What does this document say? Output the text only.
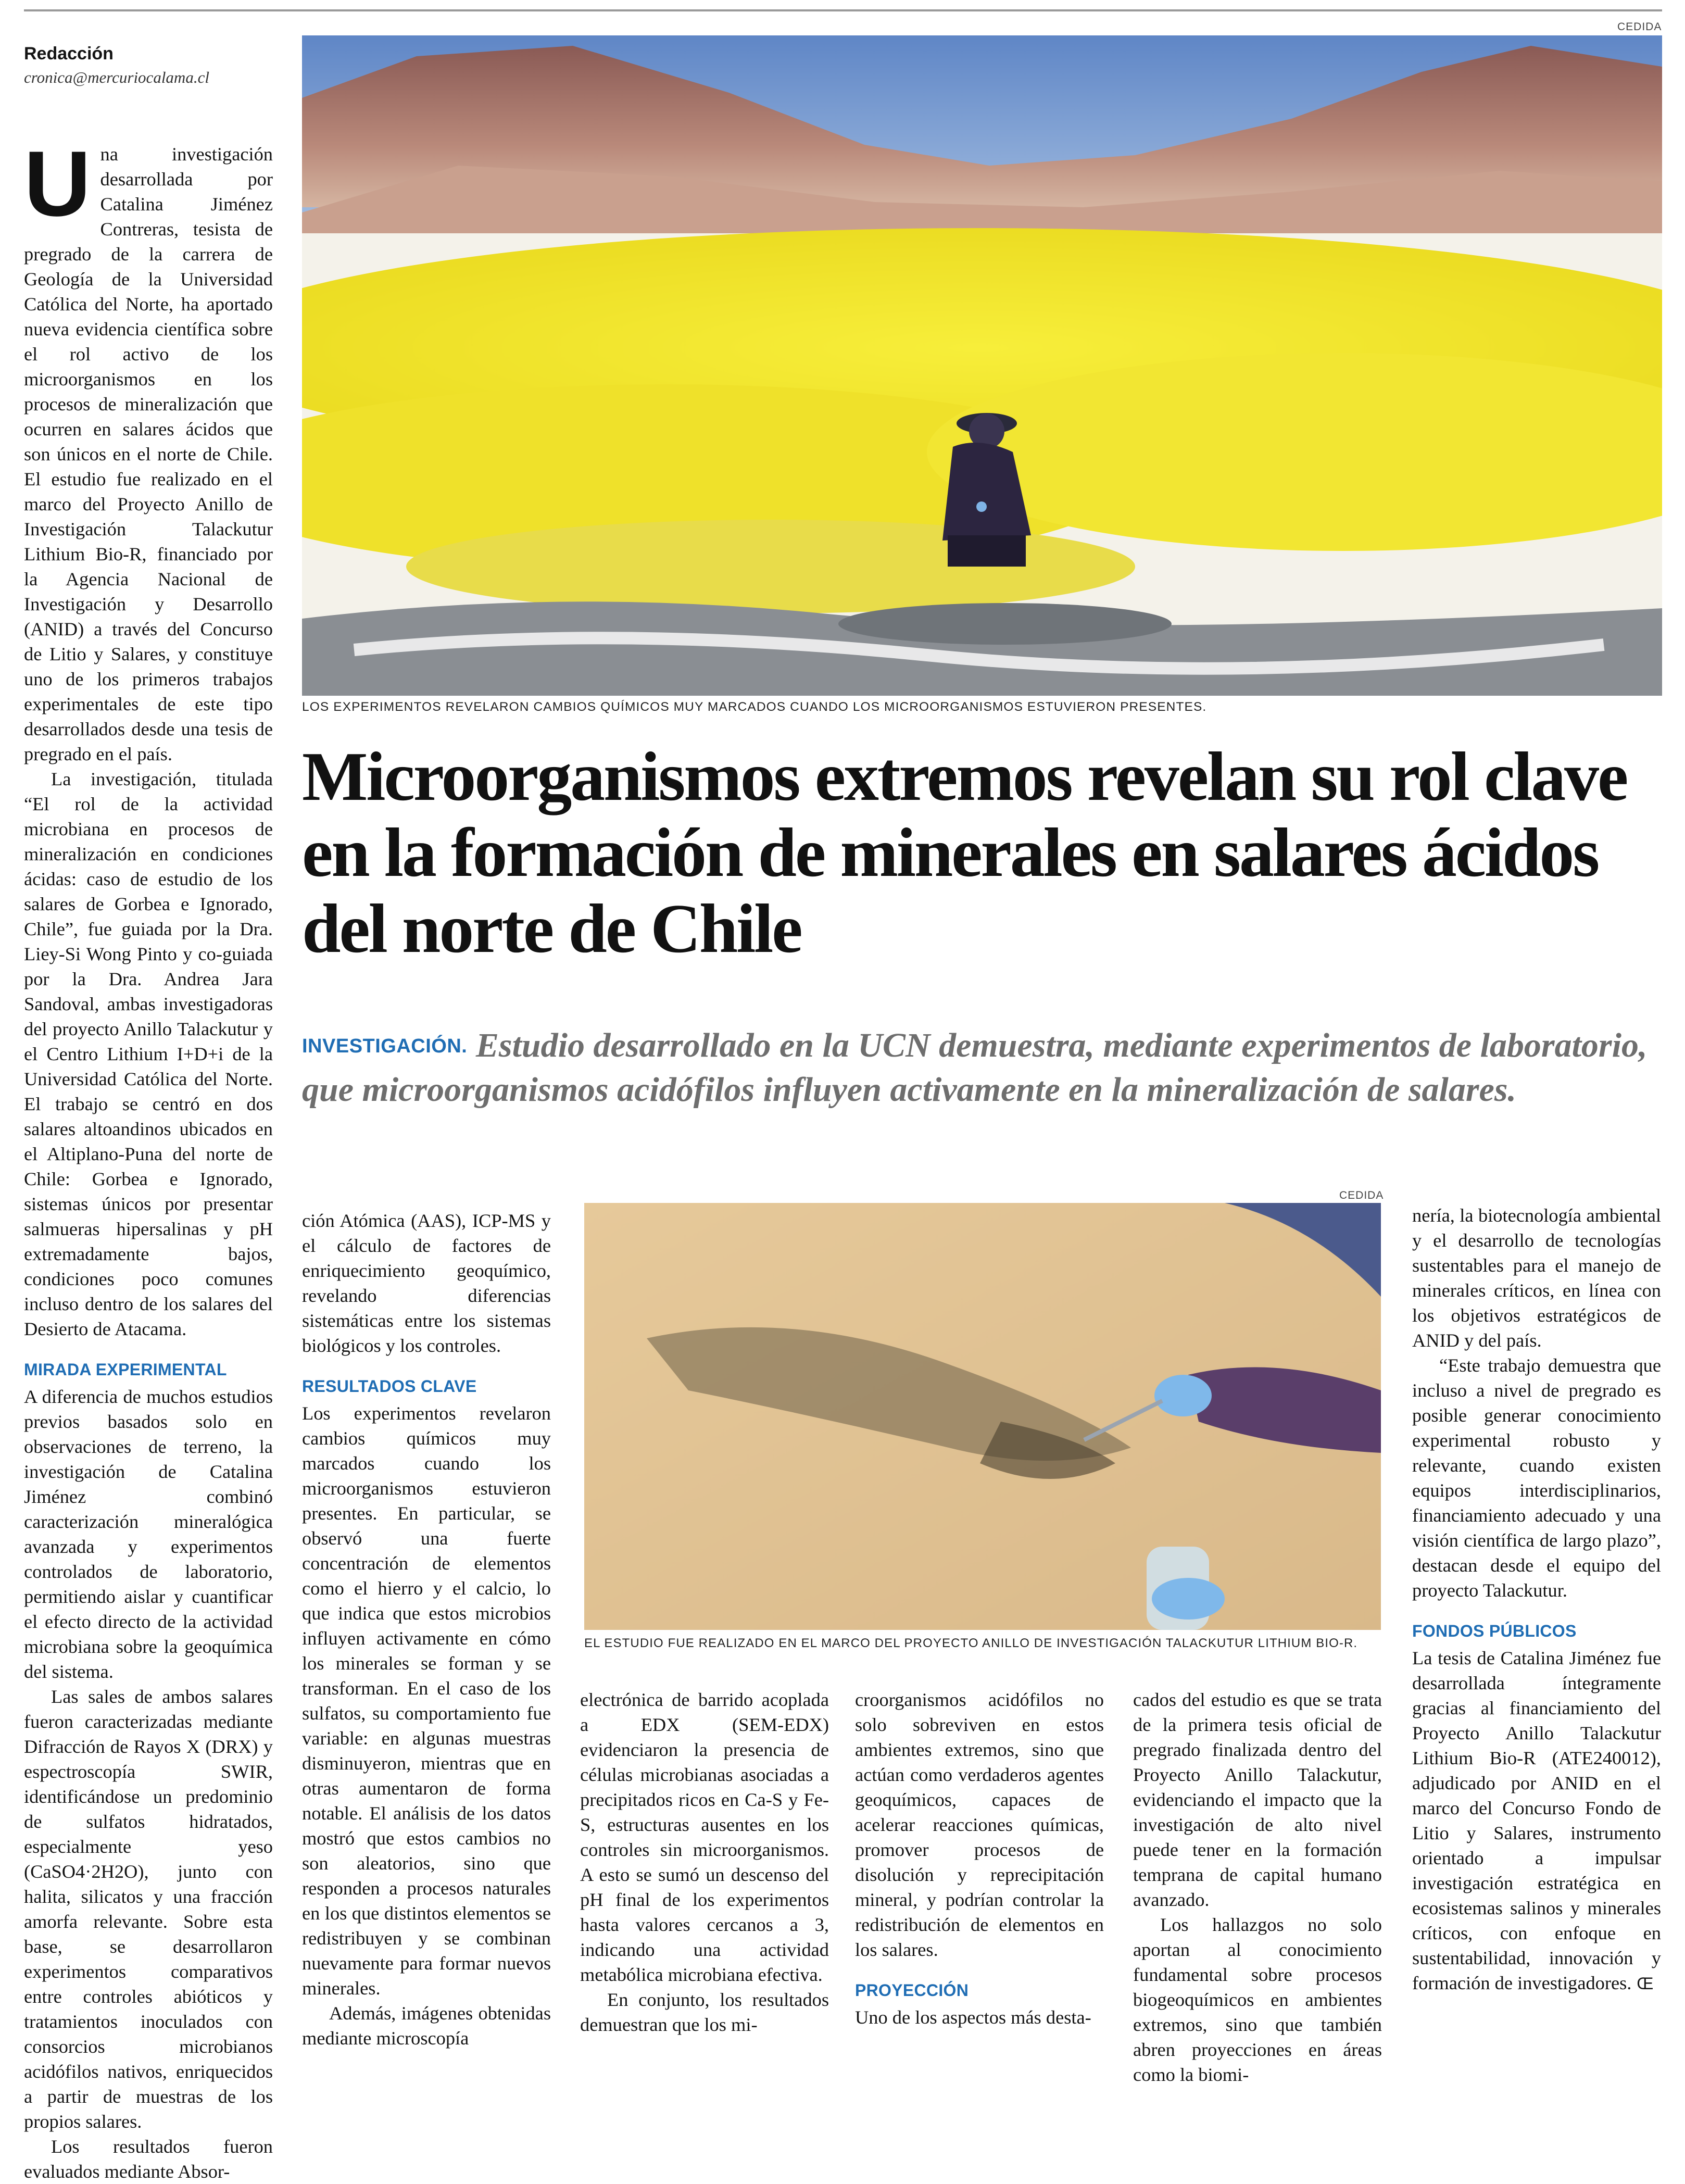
Redacción
cronica@mercuriocalama.cl
CEDIDA
LOS EXPERIMENTOS REVELARON CAMBIOS QUÍMICOS MUY MARCADOS CUANDO LOS MICROORGANISMOS ESTUVIERON PRESENTES.
Microorganismos extremos revelan su rol clave en la formación de minerales en salares ácidos del norte de Chile
INVESTIGACIÓN. Estudio desarrollado en la UCN demuestra, mediante experimentos de laboratorio, que microorganismos acidófilos influyen activamente en la mineralización de salares.
CEDIDA
EL ESTUDIO FUE REALIZADO EN EL MARCO DEL PROYECTO ANILLO DE INVESTIGACIÓN TALACKUTUR LITHIUM BIO-R.

Una investigación desarrollada por Catalina Jiménez Contreras, tesista de pregrado de la carrera de Geología de la Universidad Católica del Norte, ha aportado nueva evidencia científica sobre el rol activo de los microorganismos en los procesos de mineralización que ocurren en salares ácidos que son únicos en el norte de Chile. El estudio fue realizado en el marco del Proyecto Anillo de Investigación Talackutur Lithium Bio-R, financiado por la Agencia Nacional de Investigación y Desarrollo (ANID) a través del Concurso de Litio y Salares, y constituye uno de los primeros trabajos experimentales de este tipo desarrollados desde una tesis de pregrado en el país.

La investigación, titulada “El rol de la actividad microbiana en procesos de mineralización en condiciones ácidas: caso de estudio de los salares de Gorbea e Ignorado, Chile”, fue guiada por la Dra. Liey-Si Wong Pinto y co-guiada por la Dra. Andrea Jara Sandoval, ambas investigadoras del proyecto Anillo Talackutur y el Centro Lithium I+D+i de la Universidad Católica del Norte. El trabajo se centró en dos salares altoandinos ubicados en el Altiplano-Puna del norte de Chile: Gorbea e Ignorado, sistemas únicos por presentar salmueras hipersalinas y pH extremadamente bajos, condiciones poco comunes incluso dentro de los salares del Desierto de Atacama.

MIRADA EXPERIMENTAL

A diferencia de muchos estudios previos basados solo en observaciones de terreno, la investigación de Catalina Jiménez combinó caracterización mineralógica avanzada y experimentos controlados de laboratorio, permitiendo aislar y cuantificar el efecto directo de la actividad microbiana sobre la geoquímica del sistema.

Las sales de ambos salares fueron caracterizadas mediante Difracción de Rayos X (DRX) y espectroscopía SWIR, identificándose un predominio de sulfatos hidratados, especialmente yeso (CaSO4·2H2O), junto con halita, silicatos y una fracción amorfa relevante. Sobre esta base, se desarrollaron experimentos comparativos entre controles abióticos y tratamientos inoculados con consorcios microbianos acidófilos nativos, enriquecidos a partir de muestras de los propios salares.

Los resultados fueron evaluados mediante Absor-

ción Atómica (AAS), ICP-MS y el cálculo de factores de enriquecimiento geoquímico, revelando diferencias sistemáticas entre los sistemas biológicos y los controles.

RESULTADOS CLAVE

Los experimentos revelaron cambios químicos muy marcados cuando los microorganismos estuvieron presentes. En particular, se observó una fuerte concentración de elementos como el hierro y el calcio, lo que indica que estos microbios influyen activamente en cómo los minerales se forman y se transforman. En el caso de los sulfatos, su comportamiento fue variable: en algunas muestras disminuyeron, mientras que en otras aumentaron de forma notable. El análisis de los datos mostró que estos cambios no son aleatorios, sino que responden a procesos naturales en los que distintos elementos se redistribuyen y se combinan nuevamente para formar nuevos minerales.

Además, imágenes obtenidas mediante microscopía

electrónica de barrido acoplada a EDX (SEM-EDX) evidenciaron la presencia de células microbianas asociadas a precipitados ricos en Ca-S y Fe-S, estructuras ausentes en los controles sin microorganismos. A esto se sumó un descenso del pH final de los experimentos hasta valores cercanos a 3, indicando una actividad metabólica microbiana efectiva.

En conjunto, los resultados demuestran que los mi-

croorganismos acidófilos no solo sobreviven en estos ambientes extremos, sino que actúan como verdaderos agentes geoquímicos, capaces de acelerar reacciones químicas, promover procesos de disolución y reprecipitación mineral, y podrían controlar la redistribución de elementos en los salares.

PROYECCIÓN

Uno de los aspectos más desta-

cados del estudio es que se trata de la primera tesis oficial de pregrado finalizada dentro del Proyecto Anillo Talackutur, evidenciando el impacto que la investigación de alto nivel puede tener en la formación temprana de capital humano avanzado.

Los hallazgos no solo aportan al conocimiento fundamental sobre procesos biogeoquímicos en ambientes extremos, sino que también abren proyecciones en áreas como la biomi-

nería, la biotecnología ambiental y el desarrollo de tecnologías sustentables para el manejo de minerales críticos, en línea con los objetivos estratégicos de ANID y del país.

“Este trabajo demuestra que incluso a nivel de pregrado es posible generar conocimiento experimental robusto y relevante, cuando existen equipos interdisciplinarios, financiamiento adecuado y una visión científica de largo plazo”, destacan desde el equipo del proyecto Talackutur.

FONDOS PÚBLICOS

La tesis de Catalina Jiménez fue desarrollada íntegramente gracias al financiamiento del Proyecto Anillo Talackutur Lithium Bio-R (ATE240012), adjudicado por ANID en el marco del Concurso Fondo de Litio y Salares, instrumento orientado a impulsar investigación estratégica en ecosistemas salinos y minerales críticos, con enfoque en sustentabilidad, innovación y formación de investigadores. Œ
